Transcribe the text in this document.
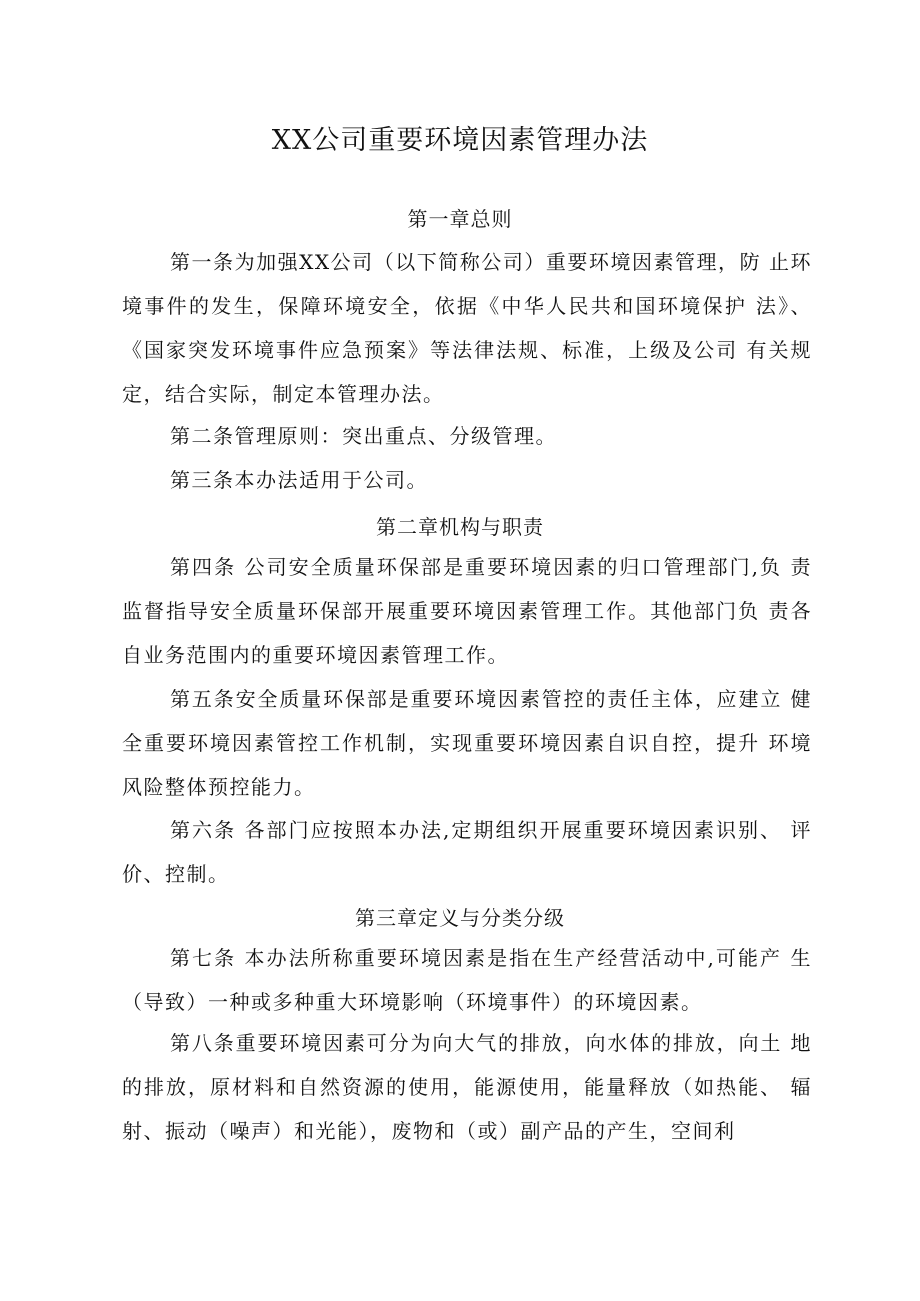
XX公司重要环境因素管理办法
第一章总则
第一条为加强XX公司（以下简称公司）重要环境因素管理，防 止环境事件的发生，保障环境安全，依据《中华人民共和国环境保护 法》、《国家突发环境事件应急预案》等法律法规、标准，上级及公司 有关规定，结合实际，制定本管理办法。
第二条管理原则：突出重点、分级管理。
第三条本办法适用于公司。
第二章机构与职责
第四条 公司安全质量环保部是重要环境因素的归口管理部门,负 责监督指导安全质量环保部开展重要环境因素管理工作。其他部门负 责各自业务范围内的重要环境因素管理工作。
第五条安全质量环保部是重要环境因素管控的责任主体，应建立 健全重要环境因素管控工作机制，实现重要环境因素自识自控，提升 环境风险整体预控能力。
第六条 各部门应按照本办法,定期组织开展重要环境因素识别、 评价、控制。
第三章定义与分类分级
第七条 本办法所称重要环境因素是指在生产经营活动中,可能产 生（导致）一种或多种重大环境影响（环境事件）的环境因素。
第八条重要环境因素可分为向大气的排放，向水体的排放，向土 地的排放，原材料和自然资源的使用，能源使用，能量释放（如热能、 辐射、振动（噪声）和光能），废物和（或）副产品的产生，空间利
